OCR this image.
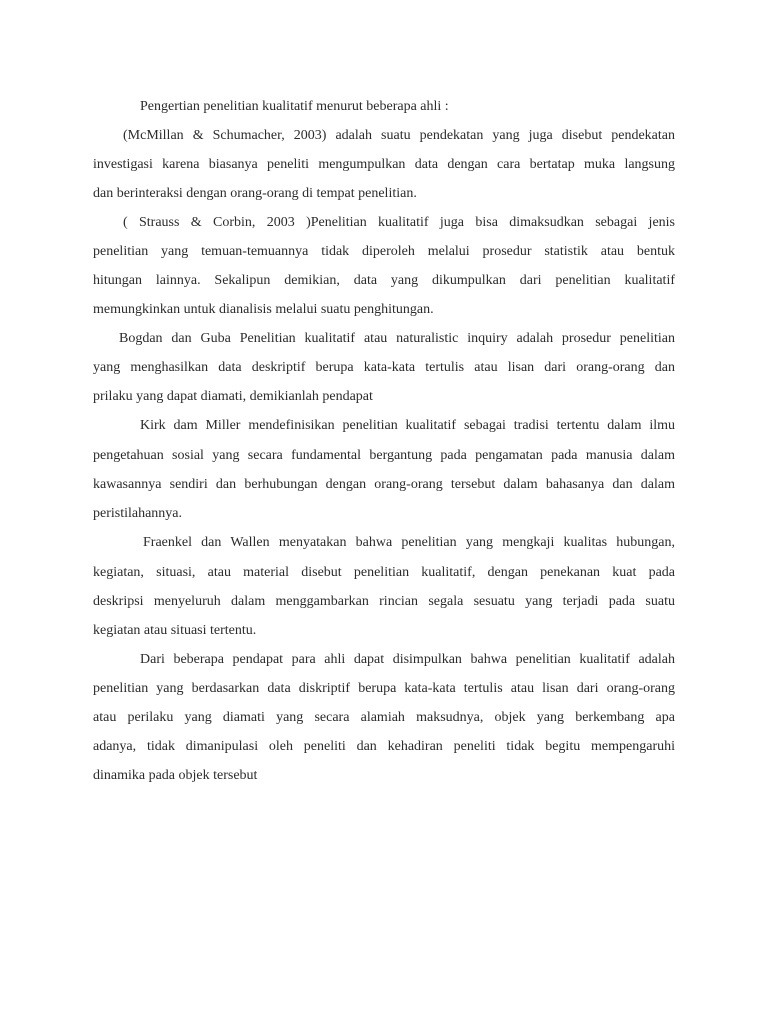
Pengertian penelitian kualitatif menurut beberapa ahli :

(McMillan & Schumacher, 2003) adalah suatu pendekatan yang juga disebut pendekatan

investigasi karena biasanya peneliti mengumpulkan data dengan cara bertatap muka langsung

dan berinteraksi dengan orang-orang di tempat penelitian.

( Strauss & Corbin, 2003 )Penelitian kualitatif juga bisa dimaksudkan sebagai jenis

penelitian yang temuan-temuannya tidak diperoleh melalui prosedur statistik atau bentuk

hitungan lainnya. Sekalipun demikian, data yang dikumpulkan dari penelitian kualitatif

memungkinkan untuk dianalisis melalui suatu penghitungan.

Bogdan dan Guba Penelitian kualitatif atau naturalistic inquiry adalah prosedur penelitian

yang menghasilkan data deskriptif berupa kata-kata tertulis atau lisan dari orang-orang dan

prilaku yang dapat diamati, demikianlah pendapat

Kirk dam Miller mendefinisikan penelitian kualitatif sebagai tradisi tertentu dalam ilmu

pengetahuan sosial yang secara fundamental bergantung pada pengamatan pada manusia dalam

kawasannya sendiri dan berhubungan dengan orang-orang tersebut dalam bahasanya dan dalam

peristilahannya.

Fraenkel dan Wallen menyatakan bahwa penelitian yang mengkaji kualitas hubungan,

kegiatan, situasi, atau material disebut penelitian kualitatif, dengan penekanan kuat pada

deskripsi menyeluruh dalam menggambarkan rincian segala sesuatu yang terjadi pada suatu

kegiatan atau situasi tertentu.

Dari beberapa pendapat para ahli dapat disimpulkan bahwa penelitian kualitatif adalah

penelitian yang berdasarkan data diskriptif berupa kata-kata tertulis atau lisan dari orang-orang

atau perilaku yang diamati yang secara alamiah maksudnya, objek yang berkembang apa

adanya, tidak dimanipulasi oleh peneliti dan kehadiran peneliti tidak begitu mempengaruhi

dinamika pada objek tersebut
